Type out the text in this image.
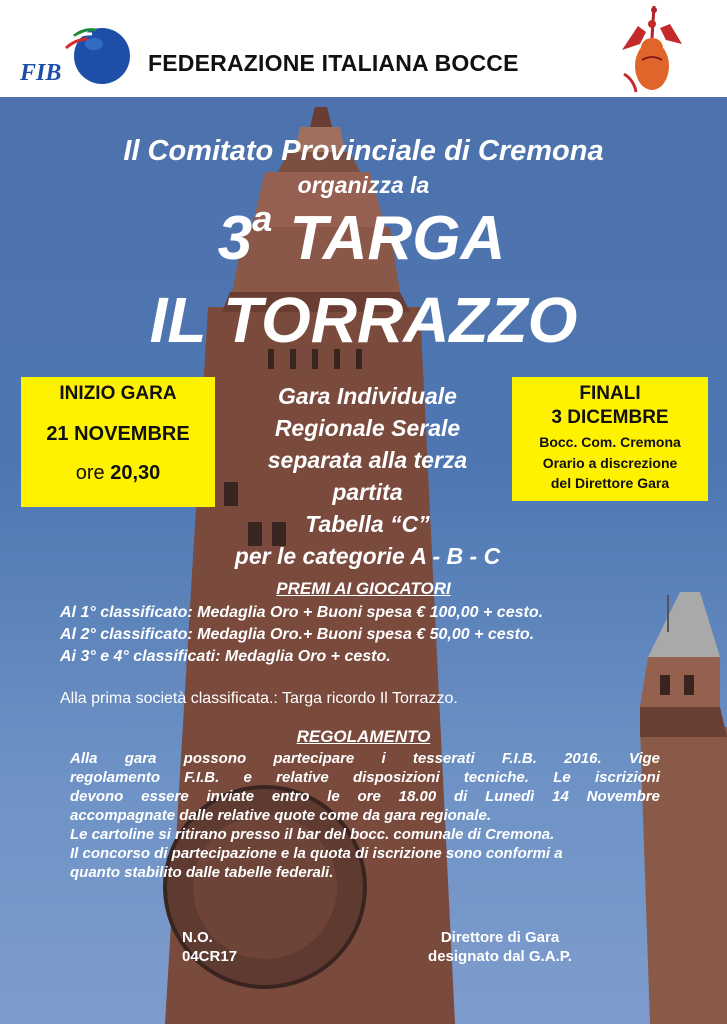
FIB	FEDERAZIONE ITALIANA BOCCE
Il Comitato Provinciale di Cremona
organizza la
3$^a$ TARGA
IL TORRAZZO
INIZIO GARA
21 NOVEMBRE
ore 20,30
Gara Individuale
Regionale Serale
separata alla terza
partita
Tabella “C”
per le categorie A - B - C
FINALI
3 DICEMBRE
Bocc. Com. Cremona
Orario a discrezione
del Direttore Gara
PREMI AI GIOCATORI
Al 1° classificato: Medaglia Oro + Buoni spesa € 100,00 + cesto.
Al 2° classificato: Medaglia Oro.+ Buoni spesa € 50,00 + cesto.
Ai 3° e 4° classificati: Medaglia Oro + cesto.
Alla prima società classificata.: Targa ricordo Il Torrazzo.
REGOLAMENTO
Alla gara possono partecipare i tesserati F.I.B. 2016. Vige
regolamento F.I.B. e relative disposizioni tecniche. Le iscrizioni
devono essere inviate entro le ore 18.00 di Lunedì 14 Novembre
accompagnate dalle relative quote come da gara regionale.
Le cartoline si ritirano presso il bar del bocc. comunale di Cremona.
Il concorso di partecipazione e la quota di iscrizione sono conformi a
quanto stabilito dalle tabelle federali.
N.O.
04CR17
Direttore di Gara
designato dal G.A.P.
